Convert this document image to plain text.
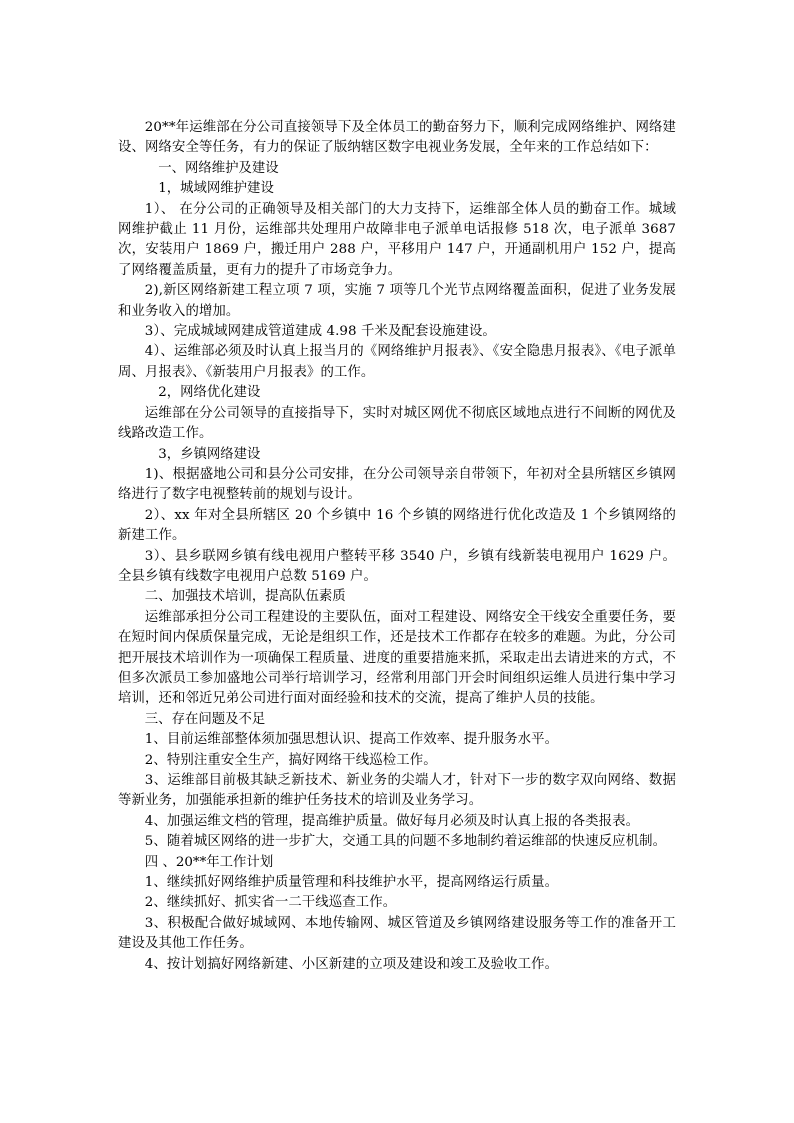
20**年运维部在分公司直接领导下及全体员工的勤奋努力下，顺利完成网络维护、网络建设、网络安全等任务，有力的保证了版纳辖区数字电视业务发展，全年来的工作总结如下：

一、网络维护及建设

1，城域网维护建设

1）、 在分公司的正确领导及相关部门的大力支持下，运维部全体人员的勤奋工作。城域网维护截止 11 月份，运维部共处理用户故障非电子派单电话报修 518 次，电子派单 3687 次，安装用户 1869 户，搬迁用户 288 户，平移用户 147 户，开通副机用户 152 户，提高了网络覆盖质量，更有力的提升了市场竞争力。

2),新区网络新建工程立项 7 项，实施 7 项等几个光节点网络覆盖面积，促进了业务发展和业务收入的增加。

3）、完成城域网建成管道建成 4.98 千米及配套设施建设。

4）、运维部必须及时认真上报当月的《网络维护月报表》、《安全隐患月报表》、《电子派单周、月报表》、《新装用户月报表》的工作。

2，网络优化建设

运维部在分公司领导的直接指导下，实时对城区网优不彻底区域地点进行不间断的网优及线路改造工作。

3，乡镇网络建设

1)、根据盛地公司和县分公司安排，在分公司领导亲自带领下，年初对全县所辖区乡镇网络进行了数字电视整转前的规划与设计。

2）、xx 年对全县所辖区 20 个乡镇中 16 个乡镇的网络进行优化改造及 1 个乡镇网络的新建工作。

3）、县乡联网乡镇有线电视用户整转平移 3540 户，乡镇有线新装电视用户 1629 户。全县乡镇有线数字电视用户总数 5169 户。

二、加强技术培训，提高队伍素质

运维部承担分公司工程建设的主要队伍，面对工程建设、网络安全干线安全重要任务，要在短时间内保质保量完成，无论是组织工作，还是技术工作都存在较多的难题。为此，分公司把开展技术培训作为一项确保工程质量、进度的重要措施来抓，采取走出去请进来的方式，不但多次派员工参加盛地公司举行培训学习，经常利用部门开会时间组织运维人员进行集中学习培训，还和邻近兄弟公司进行面对面经验和技术的交流，提高了维护人员的技能。

三、存在问题及不足

1、目前运维部整体须加强思想认识、提高工作效率、提升服务水平。

2、特别注重安全生产，搞好网络干线巡检工作。

3、运维部目前极其缺乏新技术、新业务的尖端人才，针对下一步的数字双向网络、数据等新业务，加强能承担新的维护任务技术的培训及业务学习。

4、加强运维文档的管理，提高维护质量。做好每月必须及时认真上报的各类报表。

5、随着城区网络的进一步扩大，交通工具的问题不多地制约着运维部的快速反应机制。

四 、20**年工作计划

1、继续抓好网络维护质量管理和科技维护水平，提高网络运行质量。

2、继续抓好、抓实省一二干线巡查工作。

3、积极配合做好城域网、本地传输网、城区管道及乡镇网络建设服务等工作的准备开工建设及其他工作任务。

4、按计划搞好网络新建、小区新建的立项及建设和竣工及验收工作。
